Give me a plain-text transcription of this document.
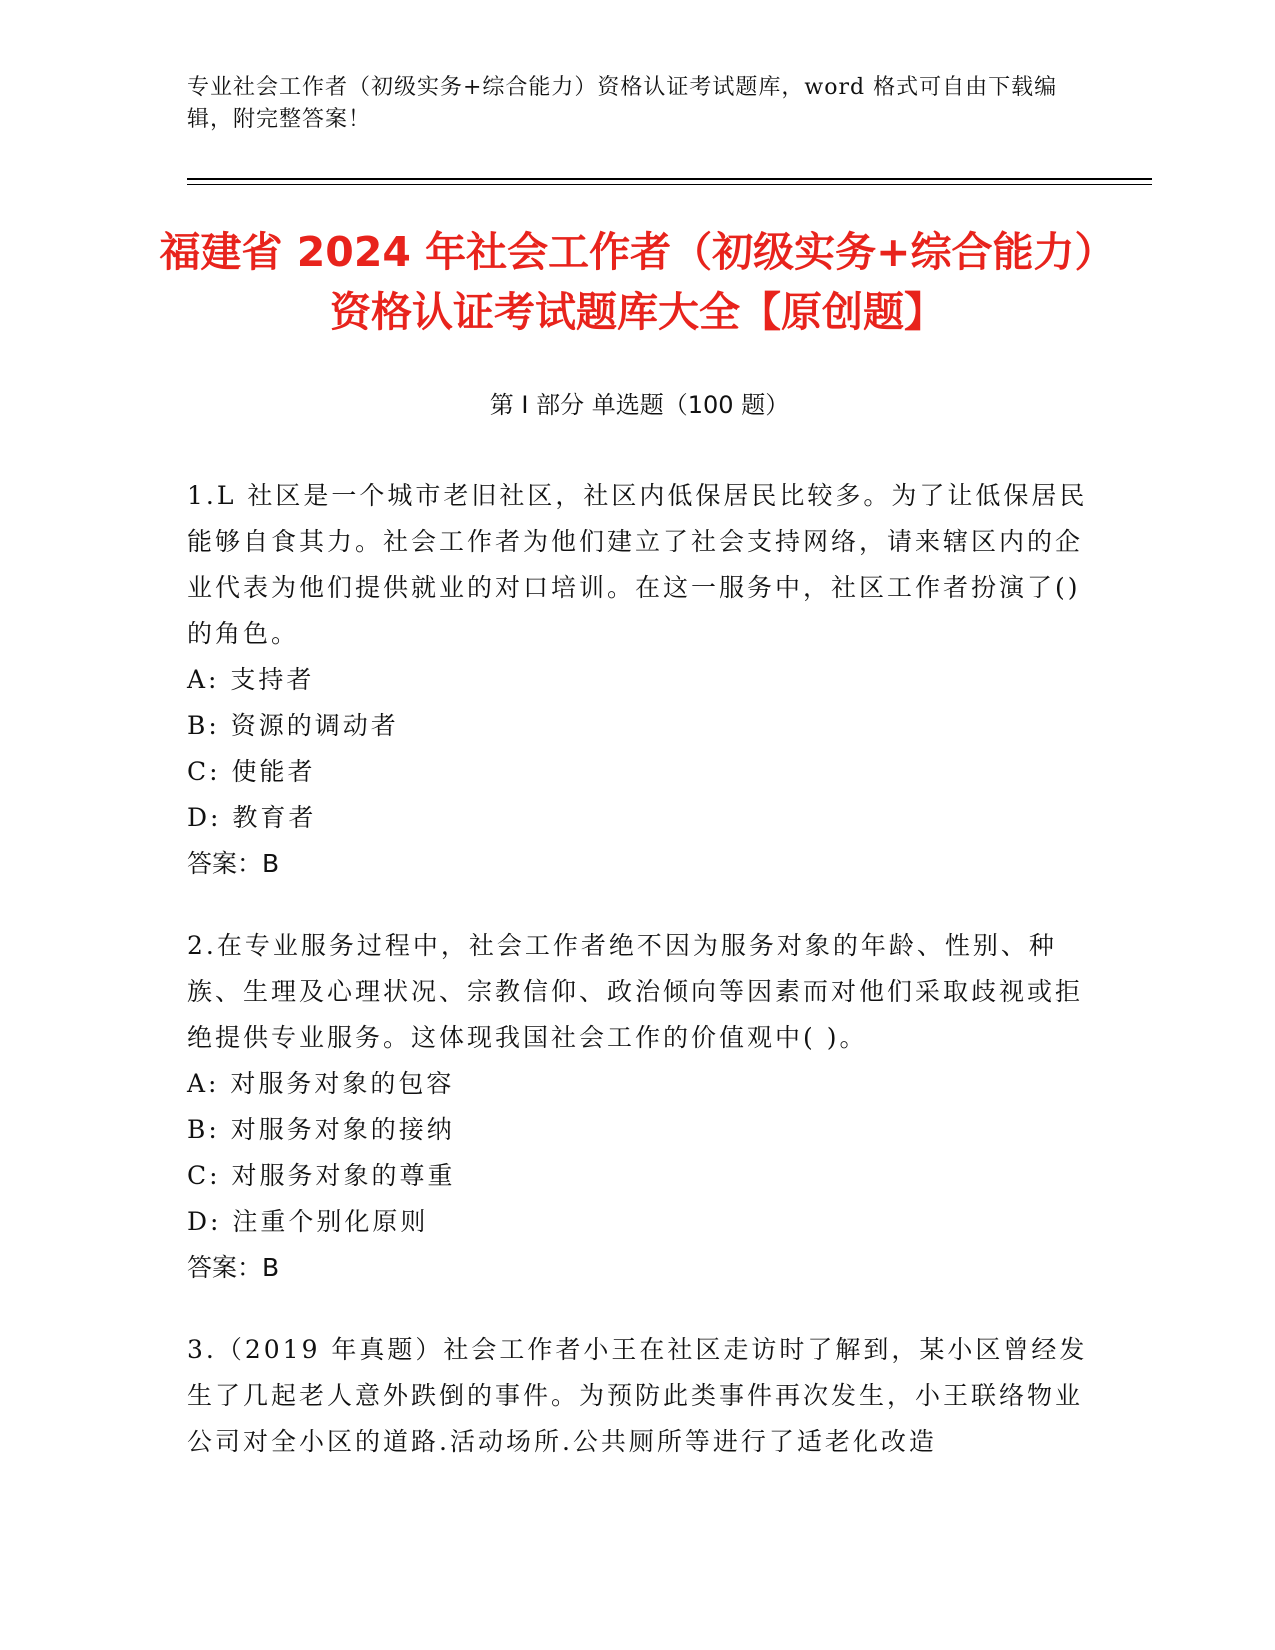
专业社会工作者（初级实务+综合能力）资格认证考试题库，word 格式可自由下载编辑，附完整答案！
福建省 2024 年社会工作者（初级实务+综合能力）资格认证考试题库大全【原创题】
第 I 部分 单选题（100 题）
1.L 社区是一个城市老旧社区，社区内低保居民比较多。为了让低保居民能够自食其力。社会工作者为他们建立了社会支持网络，请来辖区内的企业代表为他们提供就业的对口培训。在这一服务中，社区工作者扮演了()的角色。
A: 支持者
B: 资源的调动者
C: 使能者
D: 教育者
答案：B
2.在专业服务过程中，社会工作者绝不因为服务对象的年龄、性别、种族、生理及心理状况、宗教信仰、政治倾向等因素而对他们采取歧视或拒绝提供专业服务。这体现我国社会工作的价值观中( )。
A: 对服务对象的包容
B: 对服务对象的接纳
C: 对服务对象的尊重
D: 注重个别化原则
答案：B
3.（2019 年真题）社会工作者小王在社区走访时了解到，某小区曾经发生了几起老人意外跌倒的事件。为预防此类事件再次发生，小王联络物业公司对全小区的道路.活动场所.公共厕所等进行了适老化改造
